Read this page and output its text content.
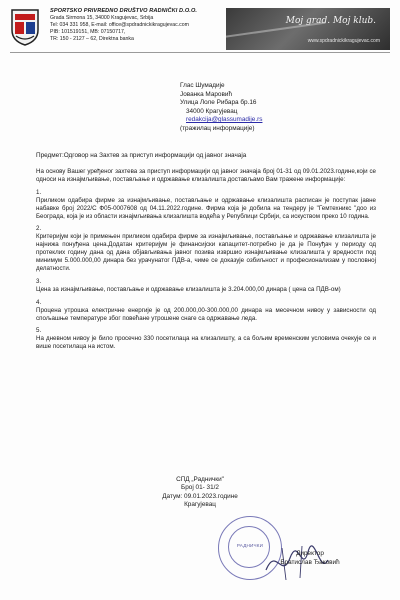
SPORTSKO PRIVREDNO DRUŠTVO RADNIČKI D.O.O.
Grada Sirmona 15, 34000 Kragujevac, Srbija
Tel: 034 331 958, E-mail: office@spdradnickikragujevac.com
PIB: 101519151, MB: 07150717,
TR: 150 - 2127 – 62, Direktna banka
Moj grad. Moj klub.
www.spdradnickikragujevac.com
Глас Шумадије
Јованка Маровић
Улица Лоле Рибара бр.16
34000 Крагујевац
redakcija@glassumadije.rs
(тражилац информације)
Предмет:Одговор на Захтев за приступ информацији од јавног значаја

На основу Вашег уређеног захтева за приступ информацији од јавног значаја број 01-31 од 09.01.2023.године,који се односи на изнајмљивање, постављање и одржавање клизалишта достављамо Вам тражене информације:

1.
Приликом одабира фирме за изнајмљивање, постављање и одржавање клизалишта расписан је поступак јавне набавке број 2022/С Ф05-0007608 од 04.11.2022.године. Фирма која је добила на тендеру је "Гемтехникс "доо из Београда, која је из области изнајмљивања клизалишта водећа у Републици Србији, са искуством преко 10 година.

2.
Критеријум који је примењен приликом одабира фирме за изнајмљивање, постављање и одржавање клизалишта је најнижа понуђена цена.Додатан критеријум је финансијски капацитет-потребно је да је Понуђач у периоду од протеклих годину дана од дана објављивања јавног позива извршио изнајмљивање клизалишта у вредности под минимум 5.000.000,00 динара без урачунатог ПДВ-а, чиме се доказује озбиљност и професионализам у пословној делатности.

3.
Цена за изнајмљивање, постављање и одржавање клизалишта је 3.204.000,00 динара ( цена са ПДВ-ом)

4.
Процена утрошка електричне енергије је од 200.000,00-300.000,00 динара на месечном нивоу у зависности од спољашње температуре због повећане утрошене снаге са одржавање леда.

5.
На дневном нивоу је било просечно 330 посетилаца на клизалишту, а са бољим временским условима очекује се и више посетилаца на истом.

СПД „Раднички"
Број 01- 31/2
Датум: 09.01.2023.године
Крагујевац
РАДНИЧКИ
Директор
Братислав Ђаковић
